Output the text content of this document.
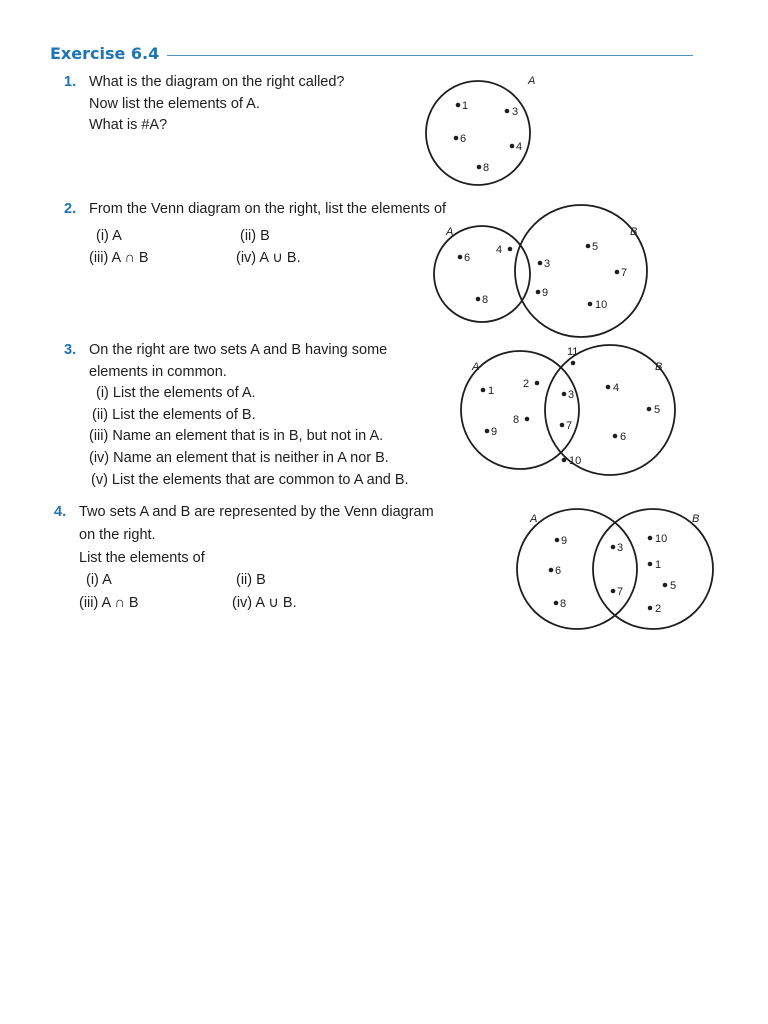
Exercise 6.4
1. What is the diagram on the right called?
Now list the elements of A.
What is #A?
2. From the Venn diagram on the right, list the elements of
(i) A	(ii) B
(iii) A ∩ B	(iv) A ∪ B.
3. On the right are two sets A and B having some
elements in common.
(i) List the elements of A.
(ii) List the elements of B.
(iii) Name an element that is in B, but not in A.
(iv) Name an element that is neither in A nor B.
(v) List the elements that are common to A and B.
4. Two sets A and B are represented by the Venn diagram
on the right.
List the elements of
(i) A	(ii) B
(iii) A ∩ B	(iv) A ∪ B.
A
1	3
6
4
8
A	B
6
4
3
9
8
5
7
10
A	B
11
1
2
3
4
5
8	7
9	6
10
A	B
9
6
8
3
7
10
1
5
2
